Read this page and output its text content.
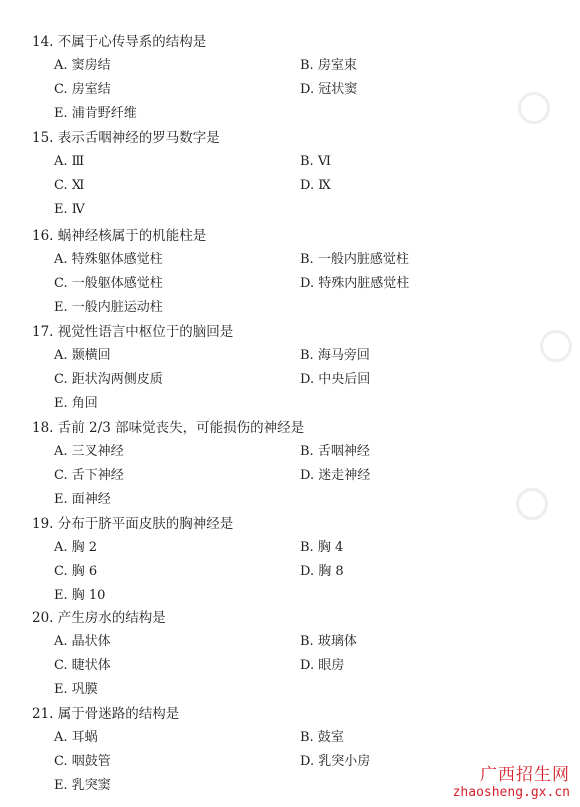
14. 不属于心传导系的结构是
A. 窦房结	B. 房室束
C. 房室结	D. 冠状窦
E. 浦肯野纤维
15. 表示舌咽神经的罗马数字是
A. Ⅲ	B. Ⅵ
C. Ⅺ	D. Ⅸ
E. Ⅳ
16. 蜗神经核属于的机能柱是
A. 特殊躯体感觉柱	B. 一般内脏感觉柱
C. 一般躯体感觉柱	D. 特殊内脏感觉柱
E. 一般内脏运动柱
17. 视觉性语言中枢位于的脑回是
A. 颞横回	B. 海马旁回
C. 距状沟两侧皮质	D. 中央后回
E. 角回
18. 舌前 2/3 部味觉丧失，可能损伤的神经是
A. 三叉神经	B. 舌咽神经
C. 舌下神经	D. 迷走神经
E. 面神经
19. 分布于脐平面皮肤的胸神经是
A. 胸 2	B. 胸 4
C. 胸 6	D. 胸 8
E. 胸 10
20. 产生房水的结构是
A. 晶状体	B. 玻璃体
C. 睫状体	D. 眼房
E. 巩膜
21. 属于骨迷路的结构是
A. 耳蜗	B. 鼓室
C. 咽鼓管	D. 乳突小房
E. 乳突窦
广西招生网
zhaosheng.gx.cn
